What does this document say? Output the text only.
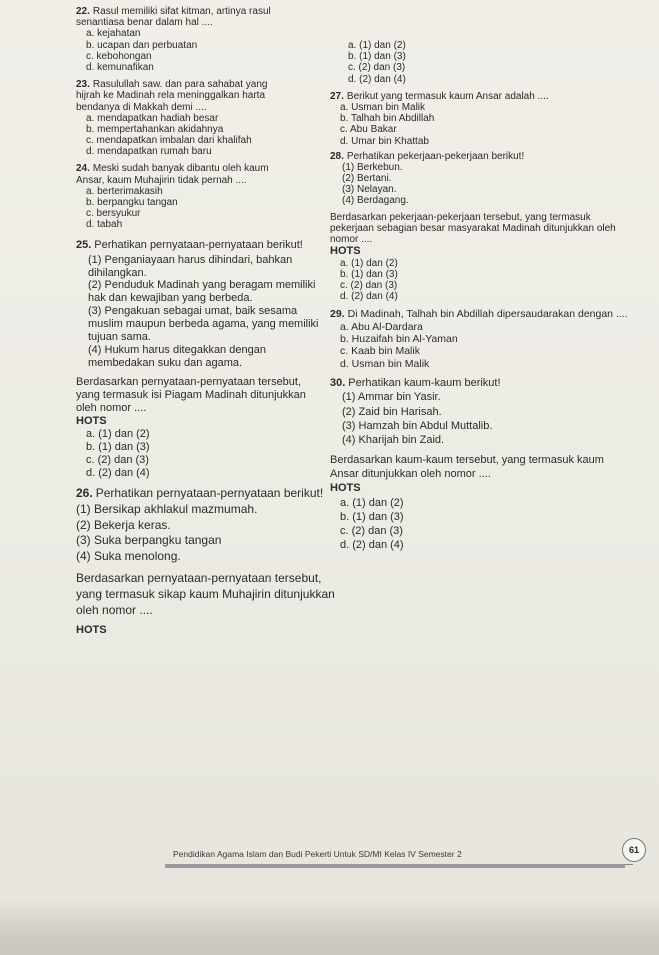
22. Rasul memiliki sifat kitman, artinya rasul senantiasa benar dalam hal ....

a. kejahatan
b. ucapan dan perbuatan
c. kebohongan
d. kemunafikan

23. Rasulullah saw. dan para sahabat yang hijrah ke Madinah rela meninggalkan harta bendanya di Makkah demi ....

a. mendapatkan hadiah besar
b. mempertahankan akidahnya
c. mendapatkan imbalan dari khalifah
d. mendapatkan rumah baru

24. Meski sudah banyak dibantu oleh kaum Ansar, kaum Muhajirin tidak pernah ....

a. berterimakasih
b. berpangku tangan
c. bersyukur
d. tabah

25. Perhatikan pernyataan-pernyataan berikut!

(1) Penganiayaan harus dihindari, bahkan dihilangkan.
(2) Penduduk Madinah yang beragam memiliki hak dan kewajiban yang berbeda.
(3) Pengakuan sebagai umat, baik sesama muslim maupun berbeda agama, yang memiliki tujuan sama.
(4) Hukum harus ditegakkan dengan membedakan suku dan agama.

Berdasarkan pernyataan-pernyataan tersebut, yang termasuk isi Piagam Madinah ditunjukkan oleh nomor ....

HOTS
a. (1) dan (2)
b. (1) dan (3)
c. (2) dan (3)
d. (2) dan (4)

26. Perhatikan pernyataan-pernyataan berikut!

(1) Bersikap akhlakul mazmumah.
(2) Bekerja keras.
(3) Suka berpangku tangan
(4) Suka menolong.

Berdasarkan pernyataan-pernyataan tersebut, yang termasuk sikap kaum Muhajirin ditunjukkan oleh nomor ....

HOTS
a. (1) dan (2)
b. (1) dan (3)
c. (2) dan (3)
d. (2) dan (4)

27. Berikut yang termasuk kaum Ansar adalah ....

a. Usman bin Malik
b. Talhah bin Abdillah
c. Abu Bakar
d. Umar bin Khattab

28. Perhatikan pekerjaan-pekerjaan berikut!

(1) Berkebun.
(2) Bertani.
(3) Nelayan.
(4) Berdagang.

Berdasarkan pekerjaan-pekerjaan tersebut, yang termasuk pekerjaan sebagian besar masyarakat Madinah ditunjukkan oleh nomor ....

HOTS
a. (1) dan (2)
b. (1) dan (3)
c. (2) dan (3)
d. (2) dan (4)

29. Di Madinah, Talhah bin Abdillah dipersaudarakan dengan ....

a. Abu Al-Dardara
b. Huzaifah bin Al-Yaman
c. Kaab bin Malik
d. Usman bin Malik

30. Perhatikan kaum-kaum berikut!

(1) Ammar bin Yasir.
(2) Zaid bin Harisah.
(3) Hamzah bin Abdul Muttalib.
(4) Kharijah bin Zaid.

Berdasarkan kaum-kaum tersebut, yang termasuk kaum Ansar ditunjukkan oleh nomor ....

HOTS
a. (1) dan (2)
b. (1) dan (3)
c. (2) dan (3)
d. (2) dan (4)
Pendidikan Agama Islam dan Budi Pekerti Untuk SD/MI Kelas IV Semester 2	61
